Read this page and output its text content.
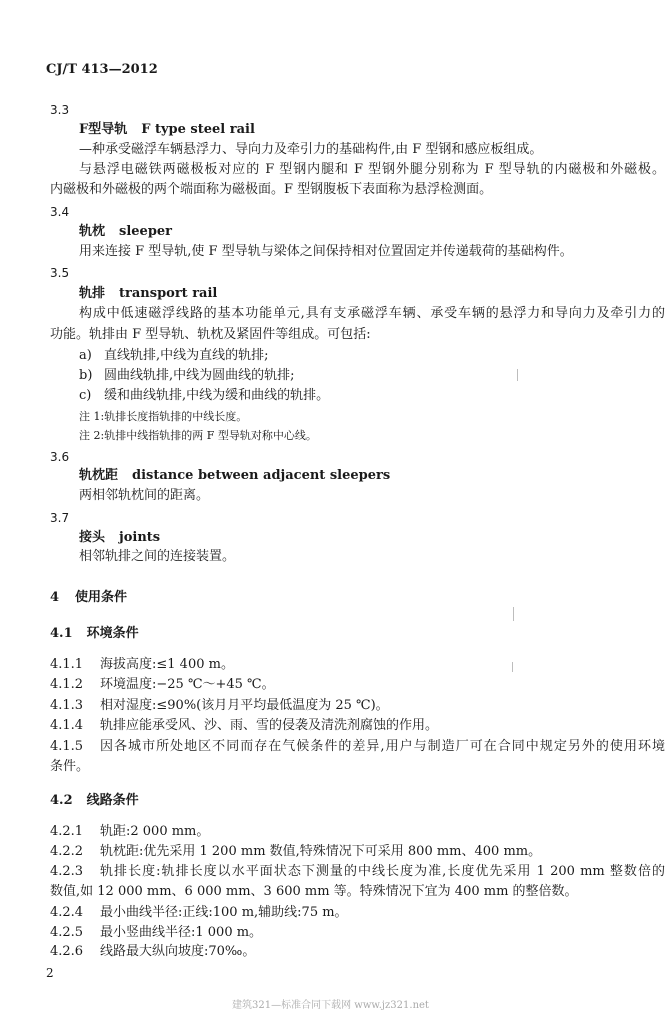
CJ/T 413—2012
3.3
F型导轨 F type steel rail
—种承受磁浮车辆悬浮力、导向力及牵引力的基础构件,由 F 型钢和感应板组成。
与悬浮电磁铁两磁极板对应的 F 型钢内腿和 F 型钢外腿分别称为 F 型导轨的内磁极和外磁极。
内磁极和外磁极的两个端面称为磁极面。F 型钢腹板下表面称为悬浮检测面。
3.4
轨枕 sleeper
用来连接 F 型导轨,使 F 型导轨与梁体之间保持相对位置固定并传递载荷的基础构件。
3.5
轨排 transport rail
构成中低速磁浮线路的基本功能单元,具有支承磁浮车辆、承受车辆的悬浮力和导向力及牵引力的
功能。轨排由 F 型导轨、轨枕及紧固件等组成。可包括:
a) 直线轨排,中线为直线的轨排;
b) 圆曲线轨排,中线为圆曲线的轨排;
c) 缓和曲线轨排,中线为缓和曲线的轨排。
注 1:轨排长度指轨排的中线长度。
注 2:轨排中线指轨排的两 F 型导轨对称中心线。
3.6
轨枕距 distance between adjacent sleepers
两相邻轨枕间的距离。
3.7
接头 joints
相邻轨排之间的连接装置。
4 使用条件
4.1 环境条件
4.1.1 海拔高度:≤1 400 m。
4.1.2 环境温度:−25 ℃～+45 ℃。
4.1.3 相对湿度:≤90%(该月月平均最低温度为 25 ℃)。
4.1.4 轨排应能承受风、沙、雨、雪的侵袭及清洗剂腐蚀的作用。
4.1.5 因各城市所处地区不同而存在气候条件的差异,用户与制造厂可在合同中规定另外的使用环境
条件。
4.2 线路条件
4.2.1 轨距:2 000 mm。
4.2.2 轨枕距:优先采用 1 200 mm 数值,特殊情况下可采用 800 mm、400 mm。
4.2.3 轨排长度:轨排长度以水平面状态下测量的中线长度为准,长度优先采用 1 200 mm 整数倍的
数值,如 12 000 mm、6 000 mm、3 600 mm 等。特殊情况下宜为 400 mm 的整倍数。
4.2.4 最小曲线半径:正线:100 m,辅助线:75 m。
4.2.5 最小竖曲线半径:1 000 m。
4.2.6 线路最大纵向坡度:70‰。
2
建筑321—标准合同下载网 www.jz321.net
